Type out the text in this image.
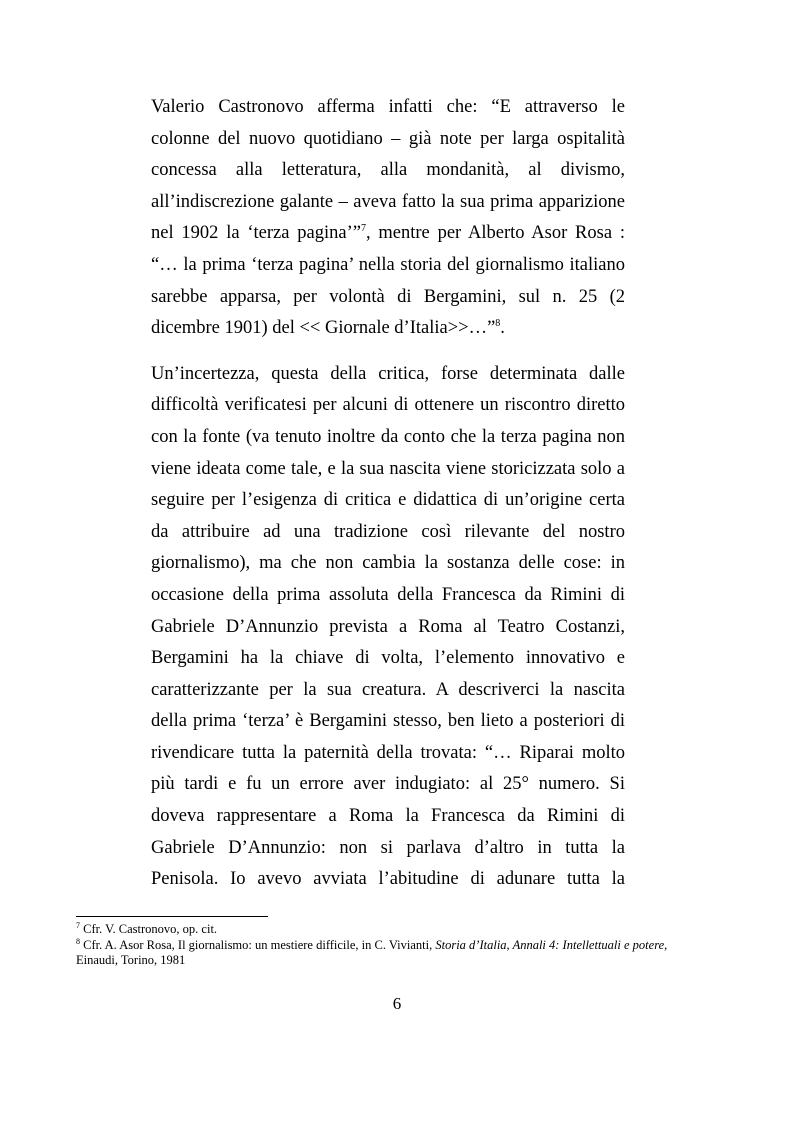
Valerio Castronovo afferma infatti che: “E attraverso le
colonne del nuovo quotidiano – già note per larga ospitalità
concessa alla letteratura, alla mondanità, al divismo,
all’indiscrezione galante – aveva fatto la sua prima apparizione
nel 1902 la ‘terza pagina’”$^7$, mentre per Alberto Asor Rosa :
“… la prima ‘terza pagina’ nella storia del giornalismo italiano
sarebbe apparsa, per volontà di Bergamini, sul n. 25 (2
dicembre 1901) del << Giornale d’Italia>>…”$^8$.
Un’incertezza, questa della critica, forse determinata dalle
difficoltà verificatesi per alcuni di ottenere un riscontro diretto
con la fonte (va tenuto inoltre da conto che la terza pagina non
viene ideata come tale, e la sua nascita viene storicizzata solo a
seguire per l’esigenza di critica e didattica di un’origine certa
da attribuire ad una tradizione così rilevante del nostro
giornalismo), ma che non cambia la sostanza delle cose: in
occasione della prima assoluta della Francesca da Rimini di
Gabriele D’Annunzio prevista a Roma al Teatro Costanzi,
Bergamini ha la chiave di volta, l’elemento innovativo e
caratterizzante per la sua creatura. A descriverci la nascita
della prima ‘terza’ è Bergamini stesso, ben lieto a posteriori di
rivendicare tutta la paternità della trovata: “… Riparai molto
più tardi e fu un errore aver indugiato: al 25° numero. Si
doveva rappresentare a Roma la Francesca da Rimini di
Gabriele D’Annunzio: non si parlava d’altro in tutta la
Penisola. Io avevo avviata l’abitudine di adunare tutta la
$^7$ Cfr. V. Castronovo, op. cit.
$^8$ Cfr. A. Asor Rosa, Il giornalismo: un mestiere difficile, in C. Vivianti, Storia d’Italia, Annali 4: Intellettuali e potere,
Einaudi, Torino, 1981
6
